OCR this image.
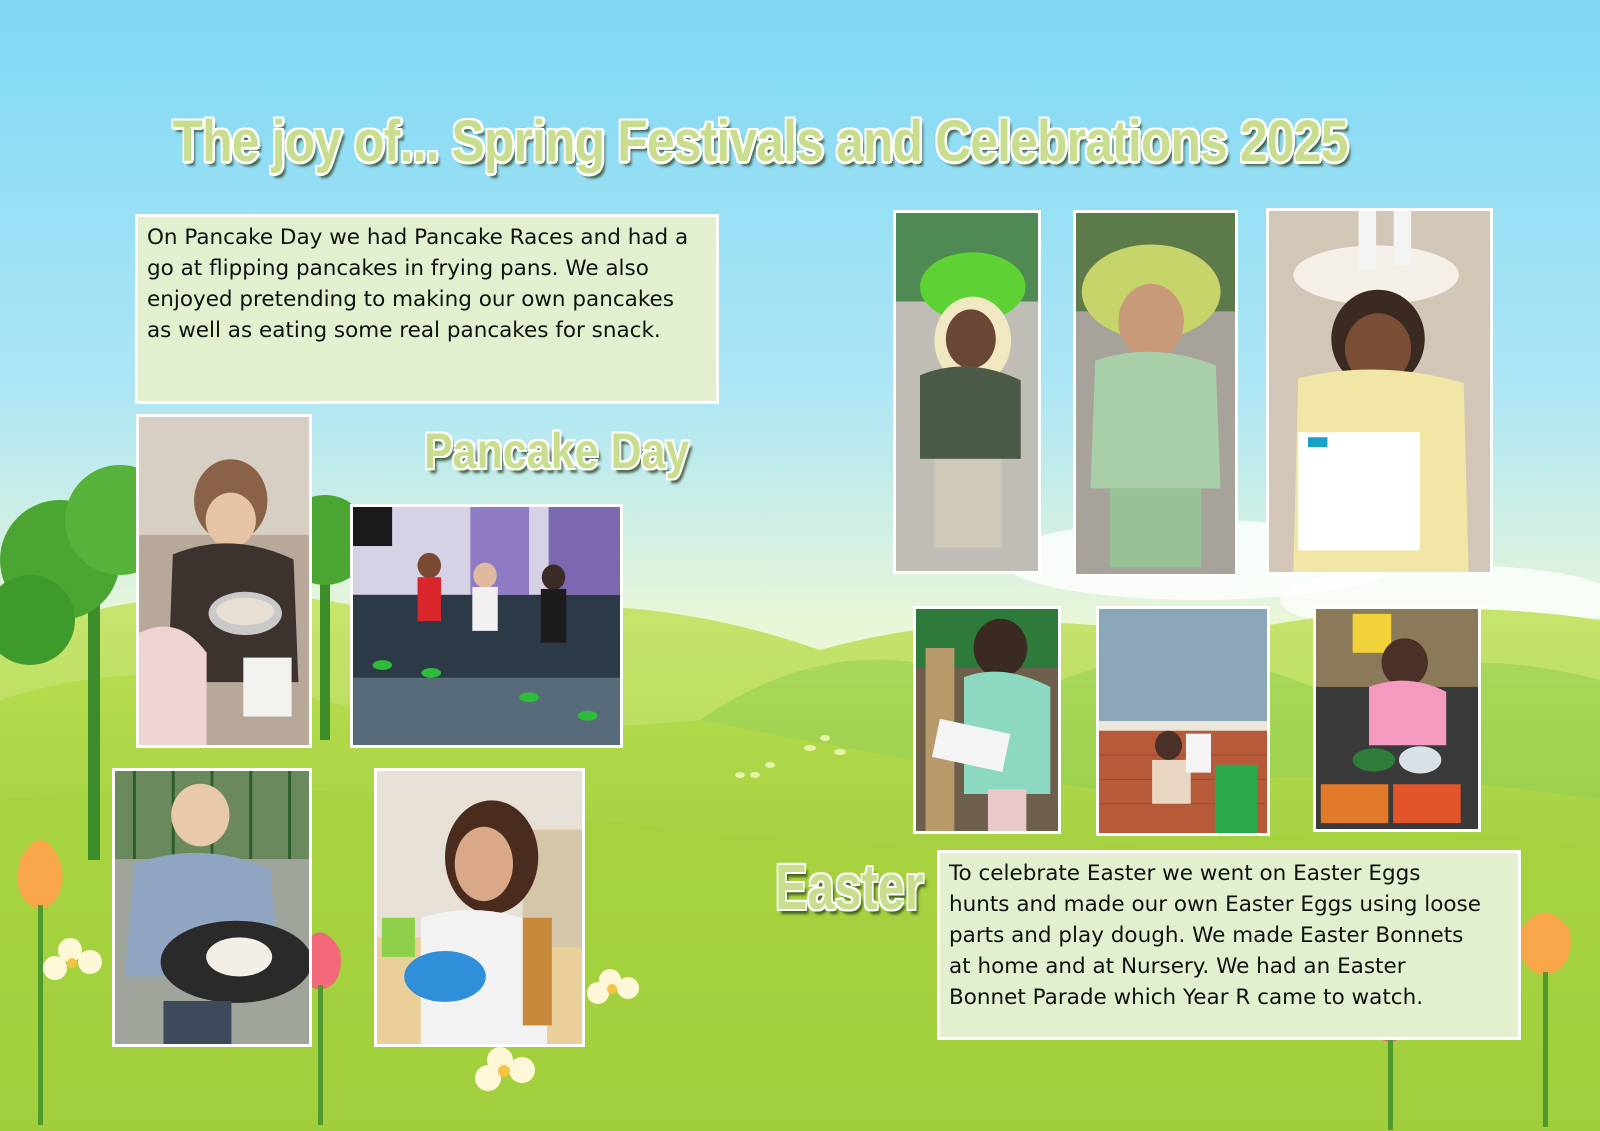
The joy of... Spring Festivals and Celebrations 2025
On Pancake Day we had Pancake Races and had a
go at flipping pancakes in frying pans. We also
enjoyed pretending to making our own pancakes
as well as eating some real pancakes for snack.
Pancake Day
Easter	To celebrate Easter we went on Easter Eggs
hunts and made our own Easter Eggs using loose
parts and play dough. We made Easter Bonnets
at home and at Nursery. We had an Easter
Bonnet Parade which Year R came to watch.
